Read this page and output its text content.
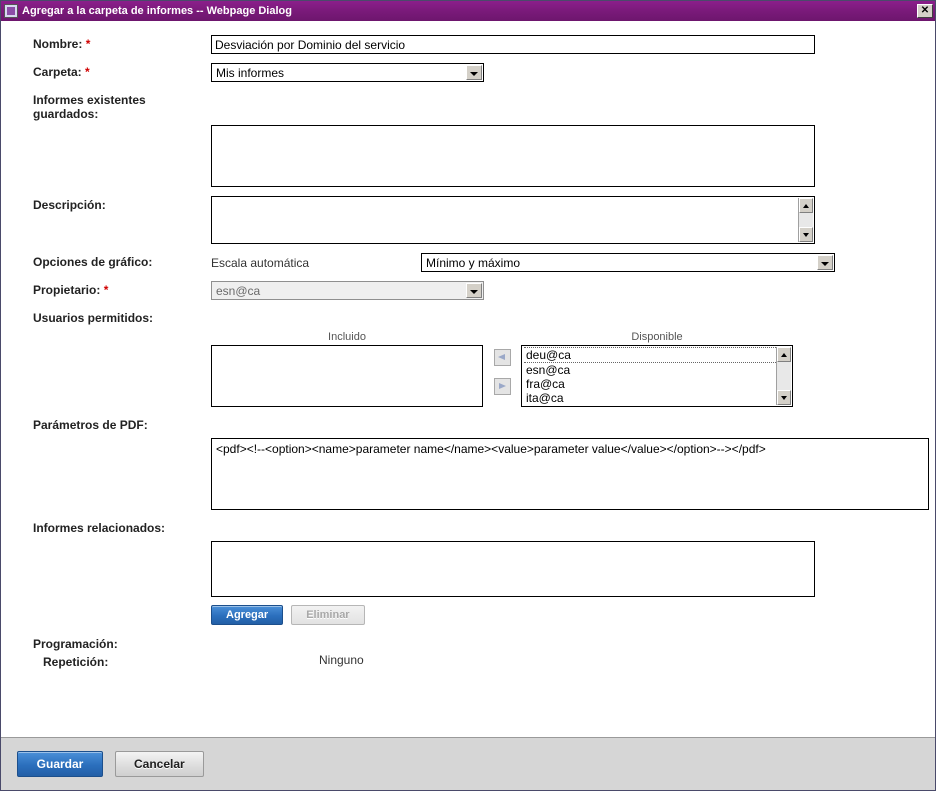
Agregar a la carpeta de informes -- Webpage Dialog	✕
Nombre: *
Desviación por Dominio del servicio
Carpeta: *	Mis informes
Informes existentes guardados:
Descripción:
Opciones de gráfico:	Escala automática	Mínimo y máximo
Propietario: *	esn@ca
Usuarios permitidos:
Incluido	Disponible
deu@ca
esn@ca
fra@ca
ita@ca
Parámetros de PDF:
<pdf><!--<option><name>parameter name</name><value>parameter value</value></option>--></pdf>
Informes relacionados:
Agregar	Eliminar
Programación:
Repetición:	Ninguno
Guardar	Cancelar
